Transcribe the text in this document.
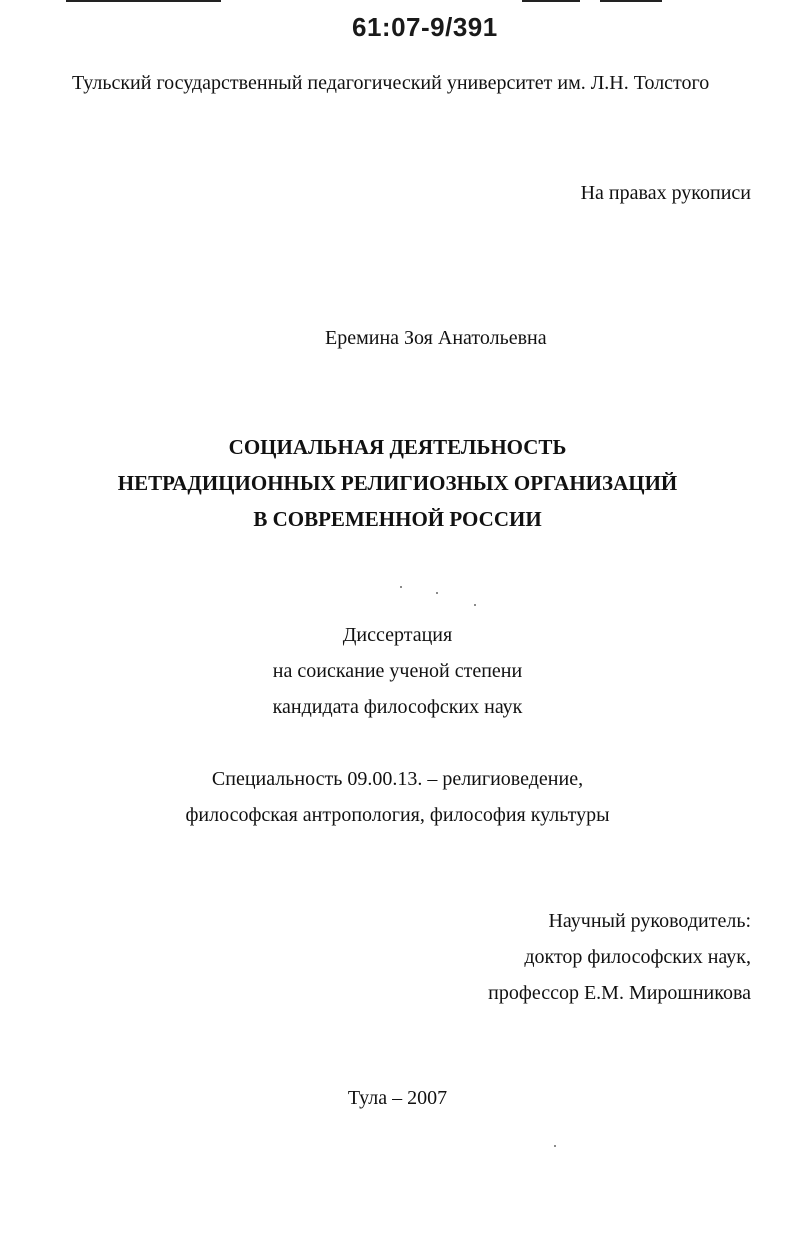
61:07-9/391
Тульский государственный педагогический университет им. Л.Н. Толстого
На правах рукописи
Еремина Зоя Анатольевна
СОЦИАЛЬНАЯ ДЕЯТЕЛЬНОСТЬ
НЕТРАДИЦИОННЫХ РЕЛИГИОЗНЫХ ОРГАНИЗАЦИЙ
В СОВРЕМЕННОЙ РОССИИ
Диссертация
на соискание ученой степени
кандидата философских наук
Специальность 09.00.13. – религиоведение,
философская антропология, философия культуры
Научный руководитель:
доктор философских наук,
профессор Е.М. Мирошникова
Тула – 2007
